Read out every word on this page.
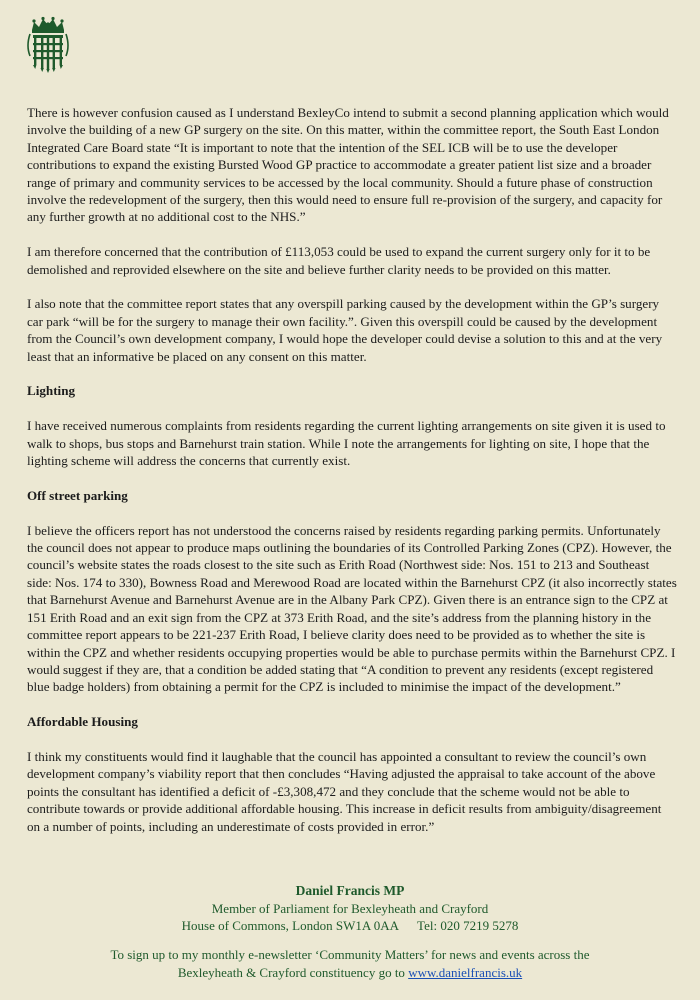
There is however confusion caused as I understand BexleyCo intend to submit a second planning application which would involve the building of a new GP surgery on the site. On this matter, within the committee report, the South East London Integrated Care Board state “It is important to note that the intention of the SEL ICB will be to use the developer contributions to expand the existing Bursted Wood GP practice to accommodate a greater patient list size and a broader range of primary and community services to be accessed by the local community. Should a future phase of construction involve the redevelopment of the surgery, then this would need to ensure full re-provision of the surgery, and capacity for any further growth at no additional cost to the NHS.”

I am therefore concerned that the contribution of £113,053 could be used to expand the current surgery only for it to be demolished and reprovided elsewhere on the site and believe further clarity needs to be provided on this matter.

I also note that the committee report states that any overspill parking caused by the development within the GP’s surgery car park “will be for the surgery to manage their own facility.”. Given this overspill could be caused by the development from the Council’s own development company, I would hope the developer could devise a solution to this and at the very least that an informative be placed on any consent on this matter.

Lighting

I have received numerous complaints from residents regarding the current lighting arrangements on site given it is used to walk to shops, bus stops and Barnehurst train station. While I note the arrangements for lighting on site, I hope that the lighting scheme will address the concerns that currently exist.

Off street parking

I believe the officers report has not understood the concerns raised by residents regarding parking permits. Unfortunately the council does not appear to produce maps outlining the boundaries of its Controlled Parking Zones (CPZ). However, the council’s website states the roads closest to the site such as Erith Road (Northwest side: Nos. 151 to 213 and Southeast side: Nos. 174 to 330), Bowness Road and Merewood Road are located within the Barnehurst CPZ (it also incorrectly states that Barnehurst Avenue and Barnehurst Avenue are in the Albany Park CPZ). Given there is an entrance sign to the CPZ at 151 Erith Road and an exit sign from the CPZ at 373 Erith Road, and the site’s address from the planning history in the committee report appears to be 221-237 Erith Road, I believe clarity does need to be provided as to whether the site is within the CPZ and whether residents occupying properties would be able to purchase permits within the Barnehurst CPZ. I would suggest if they are, that a condition be added stating that “A condition to prevent any residents (except registered blue badge holders) from obtaining a permit for the CPZ is included to minimise the impact of the development.”

Affordable Housing

I think my constituents would find it laughable that the council has appointed a consultant to review the council’s own development company’s viability report that then concludes “Having adjusted the appraisal to take account of the above points the consultant has identified a deficit of -£3,308,472 and they conclude that the scheme would not be able to contribute towards or provide additional affordable housing. This increase in deficit results from ambiguity/disagreement on a number of points, including an underestimate of costs provided in error.”

Daniel Francis MP
Member of Parliament for Bexleyheath and Crayford
House of Commons, London SW1A 0AA Tel: 020 7219 5278
To sign up to my monthly e-newsletter ‘Community Matters’ for news and events across the
Bexleyheath & Crayford constituency go to www.danielfrancis.uk
